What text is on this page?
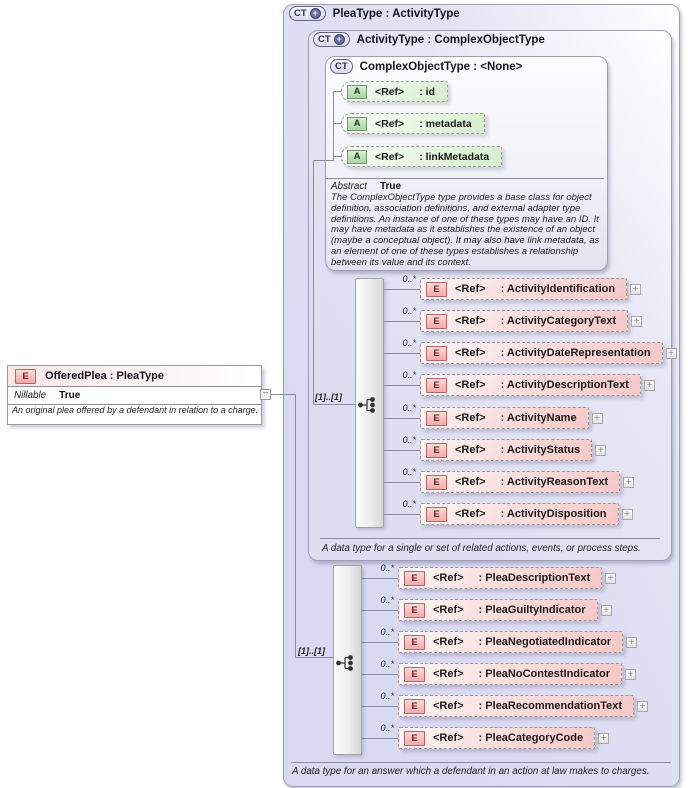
CT + PleaType : ActivityType
A data type for an answer which a defendant in an action at law makes to charges.
CT + ActivityType : ComplexObjectType
A data type for a single or set of related actions, events, or process steps.
CT ComplexObjectType : <None>
Abstract True
The ComplexObjectType type provides a base class for object definition, association definitions, and external adapter type definitions. An instance of one of these types may have an ID. It may have metadata as it establishes the existence of an object (maybe a conceptual object). It may also have link metadata, as an element of one of these types establishes a relationship between its value and its context.
[1]..[1]
[1]..[1]
A	<Ref> : id
A	<Ref> : metadata
A	<Ref> : linkMetadata
0..*
E	<Ref> : ActivityIdentification +
0..*
E	<Ref> : ActivityCategoryText +
0..*
E	<Ref> : ActivityDateRepresentation +
0..*
E	<Ref> : ActivityDescriptionText +
0..*
E	<Ref> : ActivityName +
0..*
E	<Ref> : ActivityStatus +
0..*
E	<Ref> : ActivityReasonText +
0..*
E	<Ref> : ActivityDisposition +
0..*
E	<Ref> : PleaDescriptionText +
0..*
E	<Ref> : PleaGuiltyIndicator +
0..*
E	<Ref> : PleaNegotiatedIndicator +
0..*
E	<Ref> : PleaNoContestIndicator +
0..*
E	<Ref> : PleaRecommendationText +
0..*
E	<Ref> : PleaCategoryCode +
E	OfferedPlea : PleaType
Nillable True
An original plea offered by a defendant in relation to a charge.
−
